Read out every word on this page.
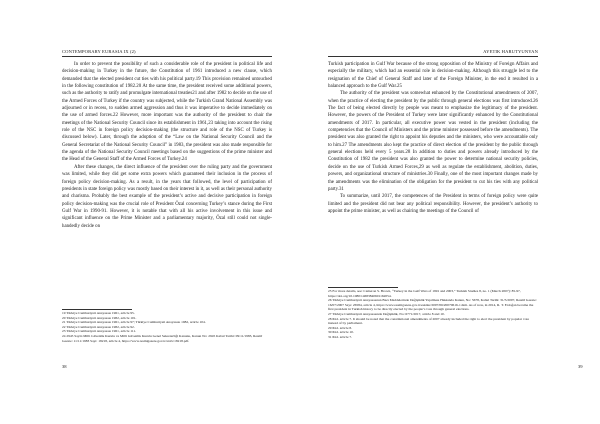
CONTEMPORARY EURASIA IX (2)

In order to prevent the possibility of such a considerable role of the president in political life and decision-making in Turkey in the future, the Constitution of 1961 introduced a new clause, which demanded that the elected president cut ties with his political party.19 This provision remained untouched in the following constitution of 1982.20 At the same time, the president received some additional powers, such as the authority to ratify and promulgate international treaties21 and after 1982 to decide on the use of the Armed Forces of Turkey if the country was subjected, while the Turkish Grand National Assembly was adjourned or in recess, to sudden armed aggression and thus it was imperative to decide immediately on the use of armed forces.22 However, more important was the authority of the president to chair the meetings of the National Security Council since its establishment in 1961,23 taking into account the rising role of the NSC in foreign policy decision-making (the structure and role of the NSC of Turkey is discussed below). Later, through the adoption of the “Law on the National Security Council and the General Secretariat of the National Security Council” in 1983, the president was also made responsible for the agenda of the National Security Council meetings based on the suggestions of the prime minister and the Head of the General Staff of the Armed Forces of Turkey.24

After these changes, the direct influence of the president over the ruling party and the government was limited, while they did get some extra powers which guaranteed their inclusion in the process of foreign policy decision-making. As a result, in the years that followed, the level of participation of presidents in state foreign policy was mostly based on their interest in it, as well as their personal authority and charisma. Probably the best example of the president’s active and decisive participation in foreign policy decision-making was the crucial role of President Özal concerning Turkey’s stance during the First Gulf War in 1990-91. However, it is notable that with all his active involvement in this issue and significant influence on the Prime Minister and a parliamentary majority, Özal still could not single-handedly decide on

19 Türkiye Cumhuriyeti Anayasası 1961, article 95.
20 Türkiye Cumhuriyeti Anayasası 1982, article 101.
21 Türkiye Cumhuriyeti Anayasası 1961, article 97; Türkiye Cumhuriyeti Anayasası 1982, article 104.
22 Türkiye Cumhuriyeti Anayasası 1982, article 92.
23 Türkiye Cumhuriyeti Anayasası 1961, article 111.
24 2945 Sayılı Milli Güvenlik Kurulu ve Milli Güvenlik Kurulu Genel Sekreterliği Kanunu, Kanun No: 2945 Kabul Tarihi: 09/11/1983, Resmî Gazete: 11/11/1983 Sayı: 18218, article 4, https://www.resmigazete.gov.tr/arsiv/18218.pdf.
38
AYETIK HARUTYUNYAN

Turkish participation in Gulf War because of the strong opposition of the Ministry of Foreign Affairs and especially the military, which had an essential role in decision-making. Although this struggle led to the resignation of the Chief of General Staff and later of the Foreign Minister, in the end it resulted in a balanced approach to the Gulf War.25

The authority of the president was somewhat enhanced by the Constitutional amendments of 2007, when the practice of electing the president by the public through general elections was first introduced.26 The fact of being elected directly by people was meant to emphasize the legitimacy of the president. However, the powers of the President of Turkey were later significantly enhanced by the Constitutional amendments of 2017. In particular, all executive power was vested in the president (including the competencies that the Council of Ministers and the prime minister possessed before the amendments). The president was also granted the right to appoint his deputies and the ministers, who were accountable only to him.27 The amendments also kept the practice of direct election of the president by the public through general elections held every 5 years.28 In addition to duties and powers already introduced by the Constitution of 1982 the president was also granted the power to determine national security policies, decide on the use of Turkish Armed Forces,29 as well as regulate the establishment, abolition, duties, powers, and organizational structure of ministries.30 Finally, one of the most important changes made by the amendments was the elimination of the obligation for the president to cut his ties with any political party.31

To summarize, until 2017, the competences of the President in terms of foreign policy were quite limited and the president did not bear any political responsibility. However, the president’s authority to appoint the prime minister, as well as chairing the meetings of the Council of

25 For more details, see: Cameron S. Brown, “Turkey in the Gulf Wars of 1991 and 2003,” Turkish Studies 8, no. 1 (March 2007): 85-97, https://doi.org/10.1080/14683840601162054.
26 Türkiye Cumhuriyeti Anayasasının Bazı Maddelerinde Değişiklik Yapılması Hakkında Kanun, No: 5678, Kabul Tarihi: 31/5/2007, Resmî Gazete: 16/07/2007 Sayı: 26584, article 4, https://www.resmigazete.gov.tr/eskiler/2007/06/20070616-1.htm. As of now, in 2014, R. T. Erdoğan became the first president in Turkish history to be directly elected by the people’s vote through general elections.
27 Türkiye Cumhuriyeti Anayasasında Değişiklik, No: 6771/2017, article 8 and 10.
28 Ibid. article 7. It should be noted that the constitutional amendments of 2007 already included the right to elect the president by popular vote instead of by parliament.
29 Ibid. article 8.
30 Ibid. article 10.
31 Ibid. article 7.
39
